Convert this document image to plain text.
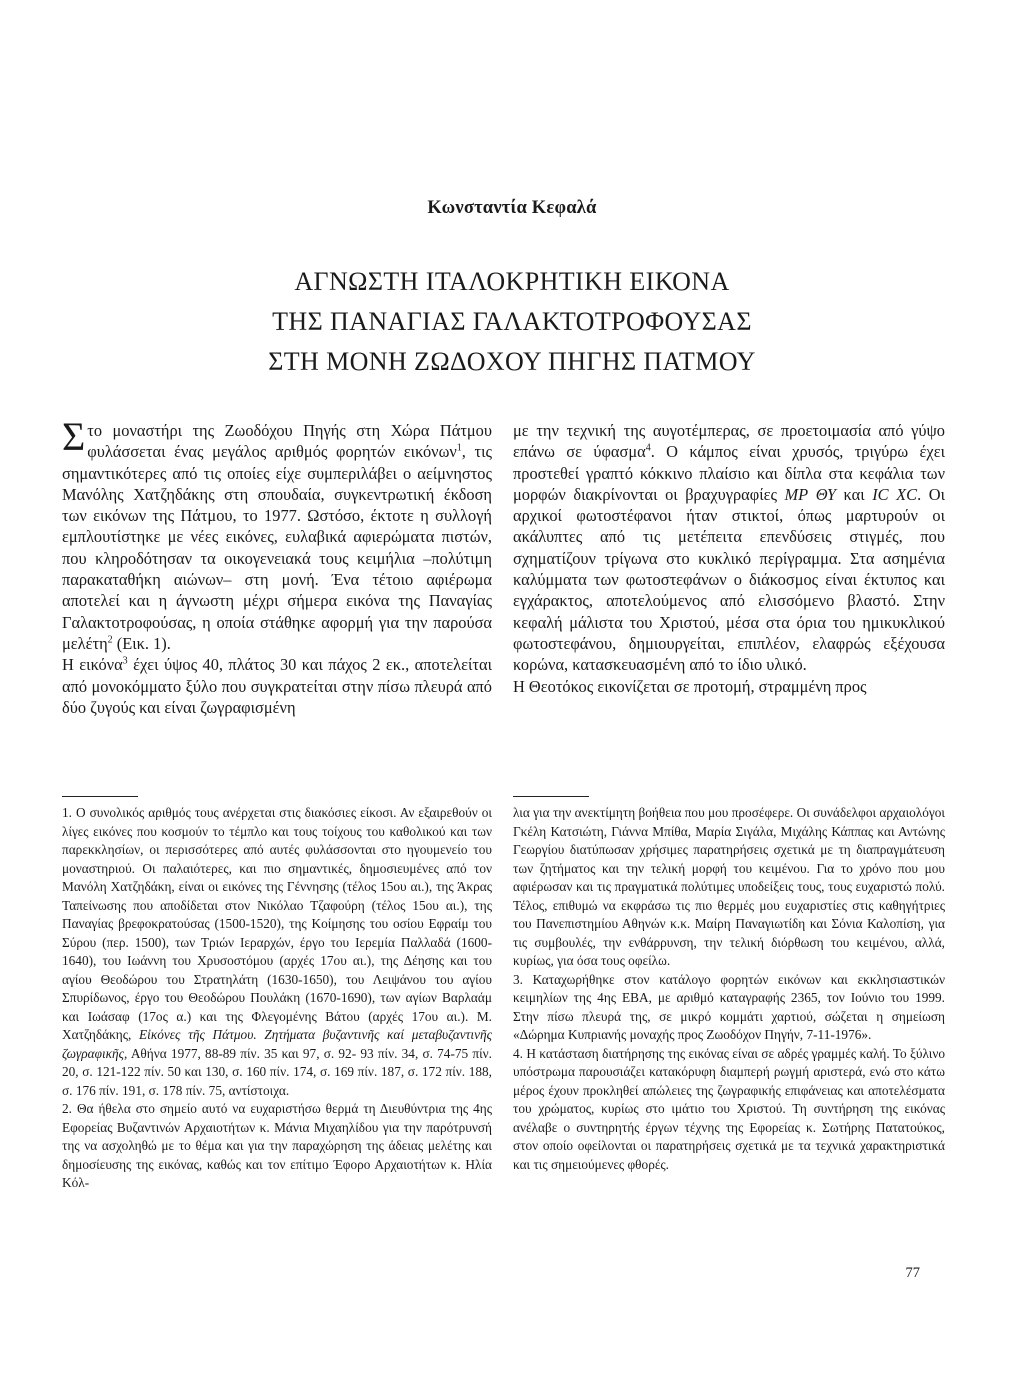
Κωνσταντία Κεφαλά
ΑΓΝΩΣΤΗ ΙΤΑΛΟΚΡΗΤΙΚΗ ΕΙΚΟΝΑ
ΤΗΣ ΠΑΝΑΓΙΑΣ ΓΑΛΑΚΤΟΤΡΟΦΟΥΣΑΣ
ΣΤΗ ΜΟΝΗ ΖΩΔΟΧΟΥ ΠΗΓΗΣ ΠΑΤΜΟΥ

Στο μοναστήρι της Ζωοδόχου Πηγής στη Χώρα Πάτμου φυλάσσεται ένας μεγάλος αριθμός φορητών εικόνων$^1$, τις σημαντικότερες από τις οποίες είχε συμπεριλάβει ο αείμνηστος Μανόλης Χατζηδάκης στη σπουδαία, συγκεντρωτική έκδοση των εικόνων της Πάτμου, το 1977. Ωστόσο, έκτοτε η συλλογή εμπλουτίστηκε με νέες εικόνες, ευλαβικά αφιερώματα πιστών, που κληροδότησαν τα οικογενειακά τους κειμήλια –πολύτιμη παρακαταθήκη αιώνων– στη μονή. Ένα τέτοιο αφιέρωμα αποτελεί και η άγνωστη μέχρι σήμερα εικόνα της Παναγίας Γαλακτοτροφούσας, η οποία στάθηκε αφορμή για την παρούσα μελέτη$^2$ (Εικ. 1).

Η εικόνα$^3$ έχει ύψος 40, πλάτος 30 και πάχος 2 εκ., αποτελείται από μονοκόμματο ξύλο που συγκρατείται στην πίσω πλευρά από δύο ζυγούς και είναι ζωγραφισμένη

με την τεχνική της αυγοτέμπερας, σε προετοιμασία από γύψο επάνω σε ύφασμα$^4$. Ο κάμπος είναι χρυσός, τριγύρω έχει προστεθεί γραπτό κόκκινο πλαίσιο και δίπλα στα κεφάλια των μορφών διακρίνονται οι βραχυγραφίες ΜΡ ΘΥ και IC XC. Οι αρχικοί φωτοστέφανοι ήταν στικτοί, όπως μαρτυρούν οι ακάλυπτες από τις μετέπειτα επενδύσεις στιγμές, που σχηματίζουν τρίγωνα στο κυκλικό περίγραμμα. Στα ασημένια καλύμματα των φωτοστεφάνων ο διάκοσμος είναι έκτυπος και εγχάρακτος, αποτελούμενος από ελισσόμενο βλαστό. Στην κεφαλή μάλιστα του Χριστού, μέσα στα όρια του ημικυκλικού φωτοστεφάνου, δημιουργείται, επιπλέον, ελαφρώς εξέχουσα κορώνα, κατασκευασμένη από το ίδιο υλικό.

Η Θεοτόκος εικονίζεται σε προτομή, στραμμένη προς

1. Ο συνολικός αριθμός τους ανέρχεται στις διακόσιες είκοσι. Αν εξαιρεθούν οι λίγες εικόνες που κοσμούν το τέμπλο και τους τοίχους του καθολικού και των παρεκκλησίων, οι περισσότερες από αυτές φυλάσσονται στο ηγουμενείο του μοναστηριού. Οι παλαιότερες, και πιο σημαντικές, δημοσιευμένες από τον Μανόλη Χατζηδάκη, είναι οι εικόνες της Γέννησης (τέλος 15ου αι.), της Άκρας Ταπείνωσης που αποδίδεται στον Νικόλαο Τζαφούρη (τέλος 15ου αι.), της Παναγίας βρεφοκρατούσας (1500-1520), της Κοίμησης του οσίου Εφραίμ του Σύρου (περ. 1500), των Τριών Ιεραρχών, έργο του Ιερεμία Παλλαδά (1600-1640), του Ιωάννη του Χρυσοστόμου (αρχές 17ου αι.), της Δέησης και του αγίου Θεοδώρου του Στρατηλάτη (1630-1650), του Λειψάνου του αγίου Σπυρίδωνος, έργο του Θεοδώρου Πουλάκη (1670-1690), των αγίων Βαρλαάμ και Ιωάσαφ (17ος α.) και της Φλεγομένης Βάτου (αρχές 17ου αι.). Μ. Χατζηδάκης, Εἰκόνες τῆς Πάτμου. Ζητήματα βυζαντινῆς καί μεταβυζαντινῆς ζωγραφικῆς, Αθήνα 1977, 88-89 πίν. 35 και 97, σ. 92- 93 πίν. 34, σ. 74-75 πίν. 20, σ. 121-122 πίν. 50 και 130, σ. 160 πίν. 174, σ. 169 πίν. 187, σ. 172 πίν. 188, σ. 176 πίν. 191, σ. 178 πίν. 75, αντίστοιχα.

2. Θα ήθελα στο σημείο αυτό να ευχαριστήσω θερμά τη Διευθύντρια της 4ης Εφορείας Βυζαντινών Αρχαιοτήτων κ. Μάνια Μιχαηλίδου για την παρότρυνσή της να ασχοληθώ με το θέμα και για την παραχώρηση της άδειας μελέτης και δημοσίευσης της εικόνας, καθώς και τον επίτιμο Έφορο Αρχαιοτήτων κ. Ηλία Κόλ-

λια για την ανεκτίμητη βοήθεια που μου προσέφερε. Οι συνάδελφοι αρχαιολόγοι Γκέλη Κατσιώτη, Γιάννα Μπίθα, Μαρία Σιγάλα, Μιχάλης Κάππας και Αντώνης Γεωργίου διατύπωσαν χρήσιμες παρατηρήσεις σχετικά με τη διαπραγμάτευση των ζητήματος και την τελική μορφή του κειμένου. Για το χρόνο που μου αφιέρωσαν και τις πραγματικά πολύτιμες υποδείξεις τους, τους ευχαριστώ πολύ. Τέλος, επιθυμώ να εκφράσω τις πιο θερμές μου ευχαριστίες στις καθηγήτριες του Πανεπιστημίου Αθηνών κ.κ. Μαίρη Παναγιωτίδη και Σόνια Καλοπίση, για τις συμβουλές, την ενθάρρυνση, την τελική διόρθωση του κειμένου, αλλά, κυρίως, για όσα τους οφείλω.

3. Καταχωρήθηκε στον κατάλογο φορητών εικόνων και εκκλησιαστικών κειμηλίων της 4ης ΕΒΑ, με αριθμό καταγραφής 2365, τον Ιούνιο του 1999. Στην πίσω πλευρά της, σε μικρό κομμάτι χαρτιού, σώζεται η σημείωση «Δώρημα Κυπριανής μοναχής προς Ζωοδόχον Πηγήν, 7-11-1976».

4. Η κατάσταση διατήρησης της εικόνας είναι σε αδρές γραμμές καλή. Το ξύλινο υπόστρωμα παρουσιάζει κατακόρυφη διαμπερή ρωγμή αριστερά, ενώ στο κάτω μέρος έχουν προκληθεί απώλειες της ζωγραφικής επιφάνειας και αποτελέσματα του χρώματος, κυρίως στο ιμάτιο του Χριστού. Τη συντήρηση της εικόνας ανέλαβε ο συντηρητής έργων τέχνης της Εφορείας κ. Σωτήρης Πατατούκος, στον οποίο οφείλονται οι παρατηρήσεις σχετικά με τα τεχνικά χαρακτηριστικά και τις σημειούμενες φθορές.

77
